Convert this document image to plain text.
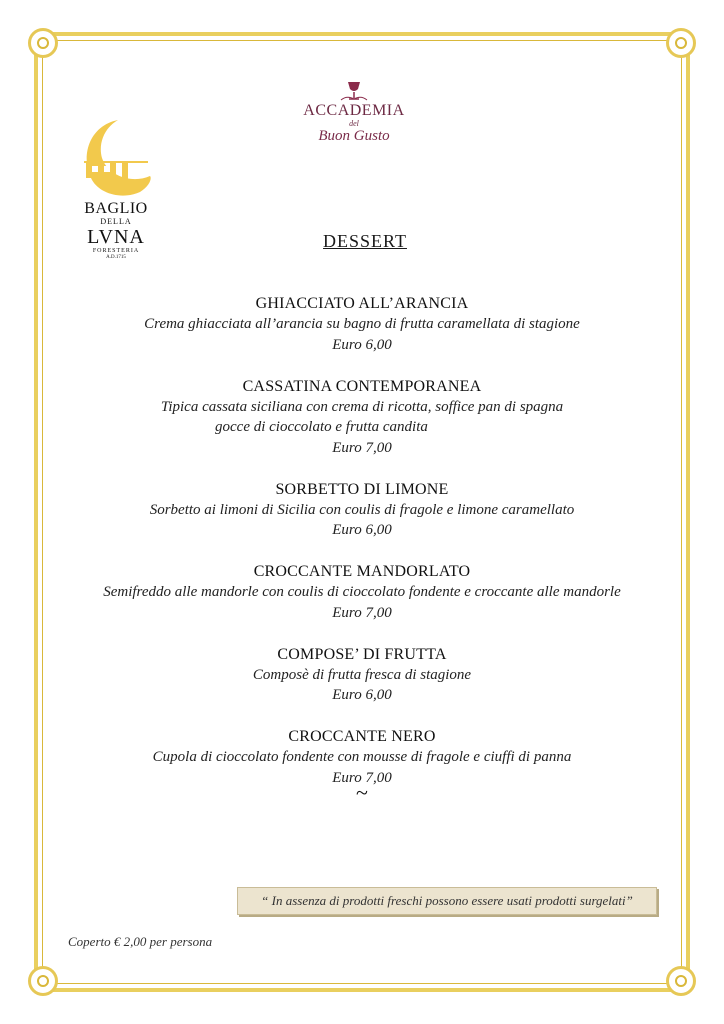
ACCADEMIA
del
Buon Gusto
BAGLIO
DELLA
LVNA
FORESTERIA
A.D.1715
DESSERT
GHIACCIATO ALL’ARANCIA
Crema ghiacciata all’arancia su bagno di frutta caramellata di stagione
Euro 6,00
CASSATINA CONTEMPORANEA
Tipica cassata siciliana con crema di ricotta, soffice pan di spagna
gocce di cioccolato e frutta candita
Euro 7,00
SORBETTO DI LIMONE
Sorbetto ai limoni di Sicilia con coulis di fragole e limone caramellato
Euro 6,00
CROCCANTE MANDORLATO
Semifreddo alle mandorle con coulis di cioccolato fondente e croccante alle mandorle
Euro 7,00
COMPOSE’ DI FRUTTA
Composè di frutta fresca di stagione
Euro 6,00
CROCCANTE NERO
Cupola di cioccolato fondente con mousse di fragole e ciuffi di panna
Euro 7,00
~
“ In assenza di prodotti freschi possono essere usati prodotti surgelati”
Coperto € 2,00 per persona
